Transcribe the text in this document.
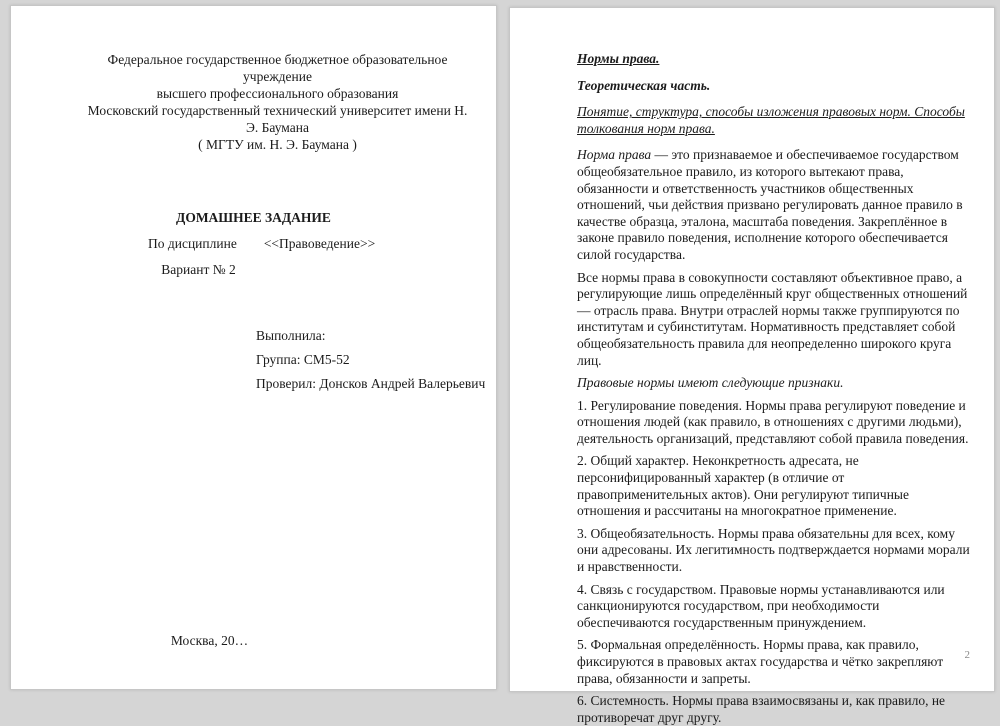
Федеральное государственное бюджетное образовательное учреждение
высшего профессионального образования
Московский государственный технический университет имени Н. Э. Баумана
( МГТУ им. Н. Э. Баумана )
ДОМАШНЕЕ ЗАДАНИЕ
По дисциплине <<Правоведение>>
Вариант № 2
Выполнила:
Группа: СМ5-52
Проверил: Донсков Андрей Валерьевич
Москва, 20…

Нормы права.

Теоретическая часть.

Понятие, структура, способы изложения правовых норм. Способы толкования норм права.

Норма права — это признаваемое и обеспечиваемое государством общеобязательное правило, из которого вытекают права, обязанности и ответственность участников общественных отношений, чьи действия призвано регулировать данное правило в качестве образца, эталона, масштаба поведения. Закреплённое в законе правило поведения, исполнение которого обеспечивается силой государства.

Все нормы права в совокупности составляют объективное право, а регулирующие лишь определённый круг общественных отношений — отрасль права. Внутри отраслей нормы также группируются по институтам и субинститутам. Нормативность представляет собой общеобязательность правила для неопределенно широкого круга лиц.

Правовые нормы имеют следующие признаки.

1. Регулирование поведения. Нормы права регулируют поведение и отношения людей (как правило, в отношениях с другими людьми), деятельность организаций, представляют собой правила поведения.

2. Общий характер. Неконкретность адресата, не персонифицированный характер (в отличие от правоприменительных актов). Они регулируют типичные отношения и рассчитаны на многократное применение.

3. Общеобязательность. Нормы права обязательны для всех, кому они адресованы. Их легитимность подтверждается нормами морали и нравственности.

4. Связь с государством. Правовые нормы устанавливаются или санкционируются государством, при необходимости обеспечиваются государственным принуждением.

5. Формальная определённость. Нормы права, как правило, фиксируются в правовых актах государства и чётко закрепляют права, обязанности и запреты.

6. Системность. Нормы права взаимосвязаны и, как правило, не противоречат друг другу.

2
